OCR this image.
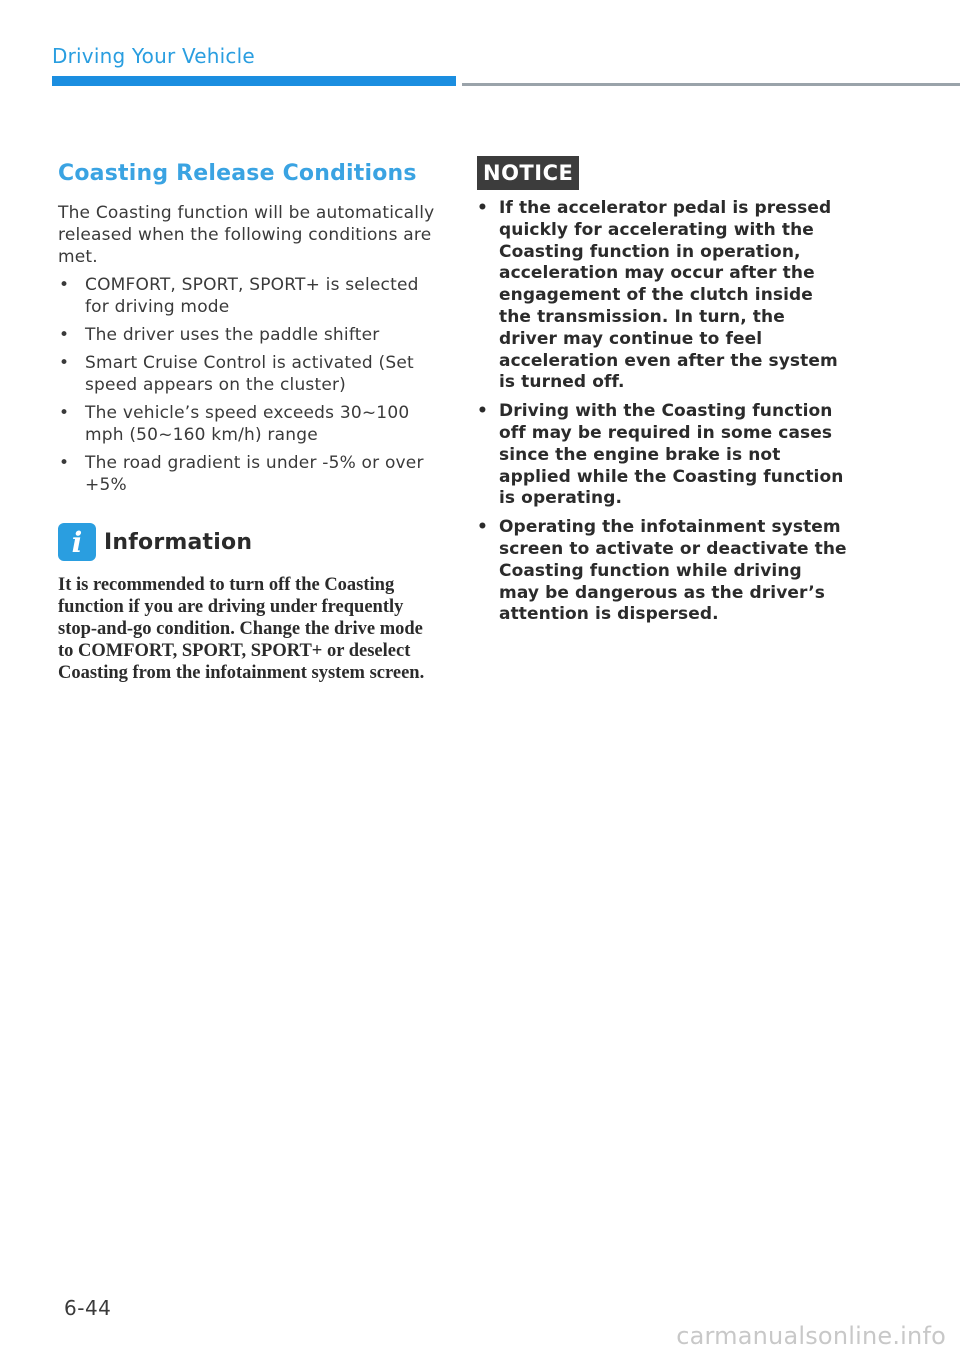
Driving Your Vehicle
Coasting Release Conditions

The Coasting function will be automatically released when the following conditions are met.

• COMFORT, SPORT, SPORT+ is selected for driving mode
• The driver uses the paddle shifter
• Smart Cruise Control is activated (Set speed appears on the cluster)
• The vehicle’s speed exceeds 30~100 mph (50~160 km/h) range
• The road gradient is under -5% or over +5%
i Information
It is recommended to turn off the Coasting function if you are driving under frequently stop-and-go condition. Change the drive mode to COMFORT, SPORT, SPORT+ or deselect Coasting from the infotainment system screen.
NOTICE
• If the accelerator pedal is pressed quickly for accelerating with the Coasting function in operation, acceleration may occur after the engagement of the clutch inside the transmission. In turn, the driver may continue to feel acceleration even after the system is turned off.
• Driving with the Coasting function off may be required in some cases since the engine brake is not applied while the Coasting function is operating.
• Operating the infotainment system screen to activate or deactivate the Coasting function while driving may be dangerous as the driver’s attention is dispersed.
6-44
carmanualsonline.info
